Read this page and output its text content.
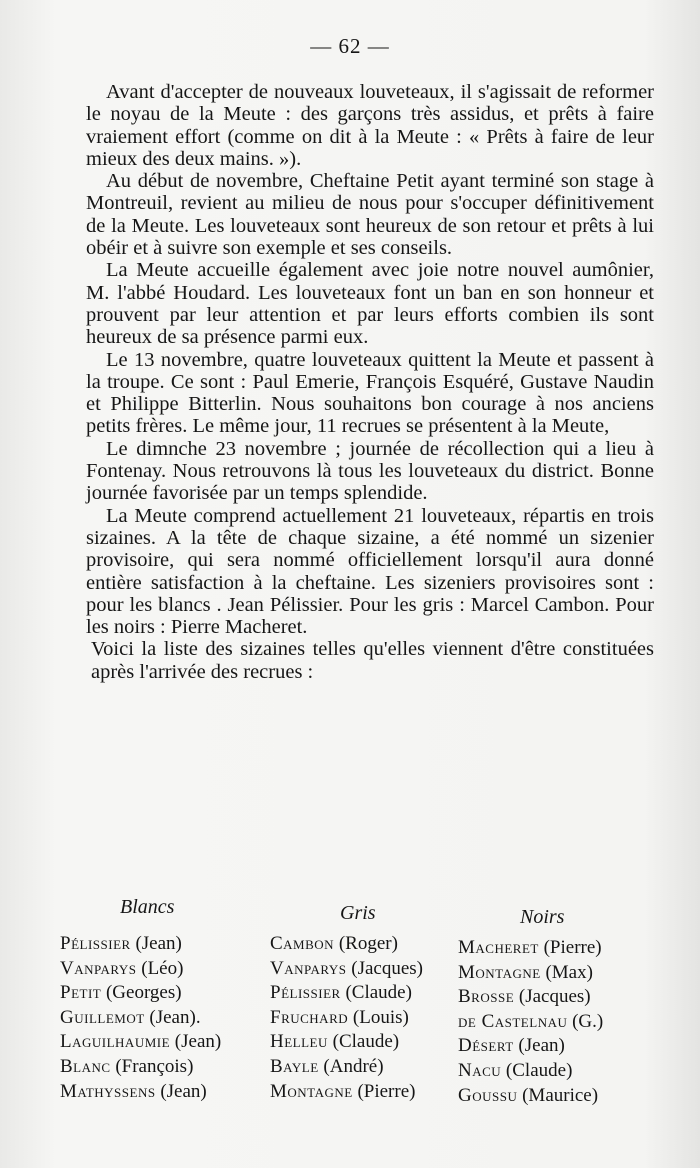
— 62 —

Avant d'accepter de nouveaux louveteaux, il s'agissait de reformer le noyau de la Meute : des garçons très assidus, et prêts à faire vraiement effort (comme on dit à la Meute : « Prêts à faire de leur mieux des deux mains. »).

Au début de novembre, Cheftaine Petit ayant terminé son stage à Montreuil, revient au milieu de nous pour s'occuper définitivement de la Meute. Les louveteaux sont heureux de son retour et prêts à lui obéir et à suivre son exemple et ses conseils.

La Meute accueille également avec joie notre nouvel aumônier, M. l'abbé Houdard. Les louveteaux font un ban en son honneur et prouvent par leur attention et par leurs efforts combien ils sont heureux de sa présence parmi eux.

Le 13 novembre, quatre louveteaux quittent la Meute et passent à la troupe. Ce sont : Paul Emerie, François Esquéré, Gustave Naudin et Philippe Bitterlin. Nous souhaitons bon courage à nos anciens petits frères. Le même jour, 11 recrues se présentent à la Meute,

Le dimnche 23 novembre ; journée de récollection qui a lieu à Fontenay. Nous retrouvons là tous les louveteaux du district. Bonne journée favorisée par un temps splendide.

La Meute comprend actuellement 21 louveteaux, répartis en trois sizaines. A la tête de chaque sizaine, a été nommé un sizenier provisoire, qui sera nommé officiellement lorsqu'il aura donné entière satisfaction à la cheftaine. Les sizeniers provisoires sont : pour les blancs . Jean Pélissier. Pour les gris : Marcel Cambon. Pour les noirs : Pierre Macheret.

Voici la liste des sizaines telles qu'elles viennent d'être constituées après l'arrivée des recrues :

Blancs	Gris	Noirs
Pélissier (Jean)
Vanparys (Léo)
Petit (Georges)
Guillemot (Jean).
Laguilhaumie (Jean)
Blanc (François)
Mathyssens (Jean)
Cambon (Roger)
Vanparys (Jacques)
Pélissier (Claude)
Fruchard (Louis)
Helleu (Claude)
Bayle (André)
Montagne (Pierre)
Macheret (Pierre)
Montagne (Max)
Brosse (Jacques)
de Castelnau (G.)
Désert (Jean)
Nacu (Claude)
Goussu (Maurice)
